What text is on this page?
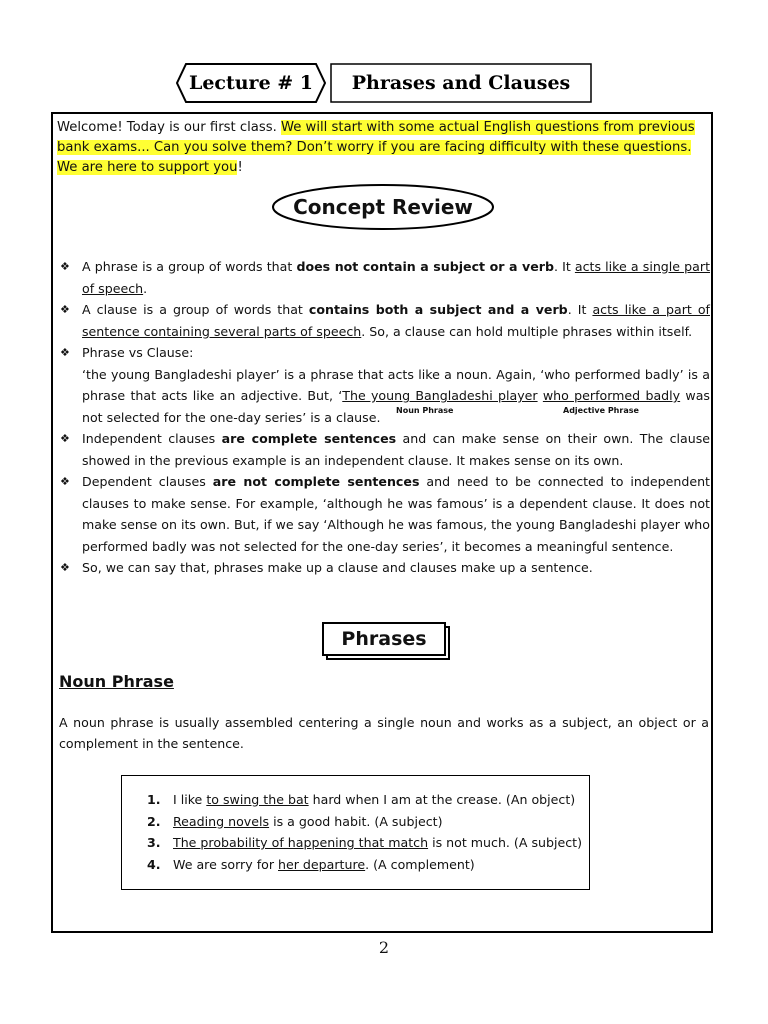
Lecture # 1	Phrases and Clauses
Welcome! Today is our first class. We will start with some actual English questions from previous bank exams... Can you solve them? Don’t worry if you are facing difficulty with these questions. We are here to support you!
Concept Review
❖ A phrase is a group of words that does not contain a subject or a verb. It acts like a single part of speech.
❖ A clause is a group of words that contains both a subject and a verb. It acts like a part of sentence containing several parts of speech. So, a clause can hold multiple phrases within itself.
❖ Phrase vs Clause:
‘the young Bangladeshi player’ is a phrase that acts like a noun. Again, ‘who performed badly’ is a phrase that acts like an adjective. But, ‘The young Bangladeshi player who performed badly was not selected for the one-day series’ is a clause.
❖ Independent clauses are complete sentences and can make sense on their own. The clause showed in the previous example is an independent clause. It makes sense on its own.
❖ Dependent clauses are not complete sentences and need to be connected to independent clauses to make sense. For example, ‘although he was famous’ is a dependent clause. It does not make sense on its own. But, if we say ‘Although he was famous, the young Bangladeshi player who performed badly was not selected for the one-day series’, it becomes a meaningful sentence.
❖ So, we can say that, phrases make up a clause and clauses make up a sentence.
Noun Phrase	Adjective Phrase
Phrases
Noun Phrase
A noun phrase is usually assembled centering a single noun and works as a subject, an object or a complement in the sentence.
1. I like to swing the bat hard when I am at the crease. (An object)
2. Reading novels is a good habit. (A subject)
3. The probability of happening that match is not much. (A subject)
4. We are sorry for her departure. (A complement)
2
